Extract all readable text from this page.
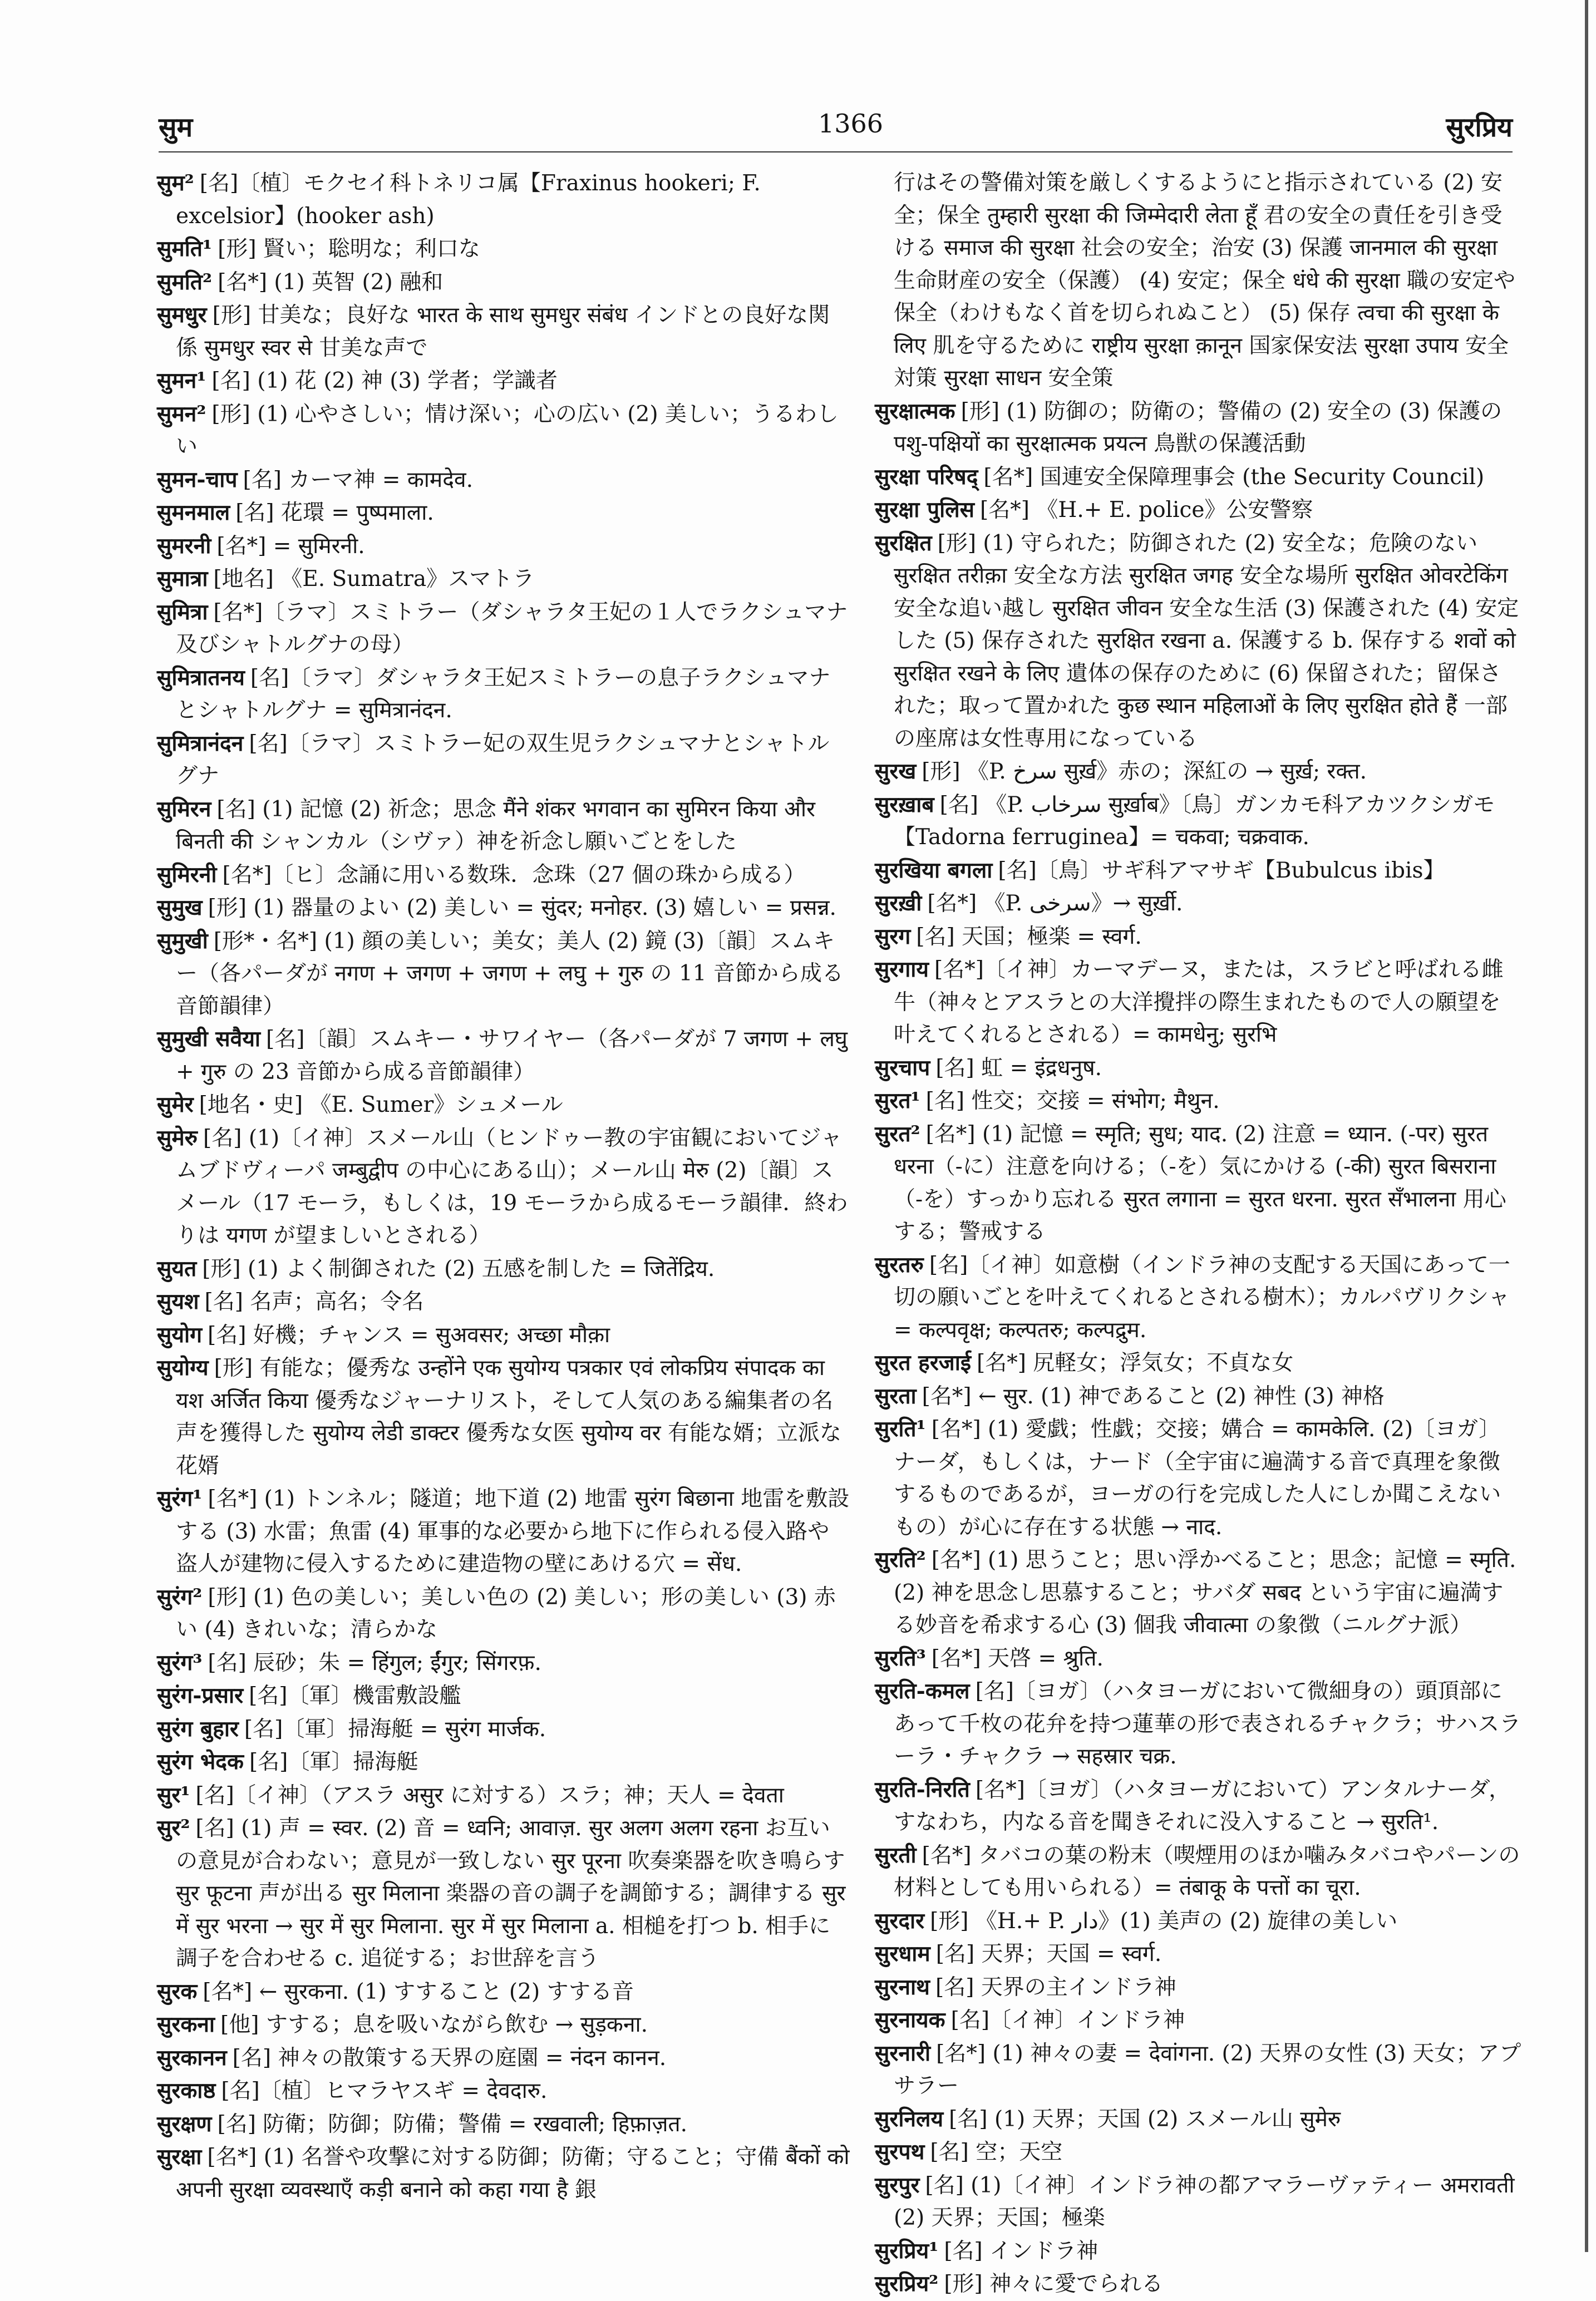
सुम	1366	सुरप्रिय

सुम² [名]〔植〕モクセイ科トネリコ属【Fraxinus hookeri; F. excelsior】(hooker ash)

सुमति¹ [形] 賢い；聡明な；利口な

सुमति² [名*] (1) 英智 (2) 融和

सुमधुर [形] 甘美な；良好な भारत के साथ सुमधुर संबंध インドとの良好な関係 सुमधुर स्वर से 甘美な声で

सुमन¹ [名] (1) 花 (2) 神 (3) 学者；学識者

सुमन² [形] (1) 心やさしい；情け深い；心の広い (2) 美しい；うるわしい

सुमन-चाप [名] カーマ神 = कामदेव.

सुमनमाल [名] 花環 = पुष्पमाला.

सुमरनी [名*] = सुमिरनी.

सुमात्रा [地名] 《E. Sumatra》スマトラ

सुमित्रा [名*]〔ラマ〕スミトラー（ダシャラタ王妃の１人でラクシュマナ及びシャトルグナの母）

सुमित्रातनय [名]〔ラマ〕ダシャラタ王妃スミトラーの息子ラクシュマナとシャトルグナ = सुमित्रानंदन.

सुमित्रानंदन [名]〔ラマ〕スミトラー妃の双生児ラクシュマナとシャトルグナ

सुमिरन [名] (1) 記憶 (2) 祈念；思念 मैंने शंकर भगवान का सुमिरन किया और बिनती की シャンカル（シヴァ）神を祈念し願いごとをした

सुमिरनी [名*]〔ヒ〕念誦に用いる数珠．念珠（27 個の珠から成る）

सुमुख [形] (1) 器量のよい (2) 美しい = सुंदर; मनोहर. (3) 嬉しい = प्रसन्न.

सुमुखी [形*・名*] (1) 顔の美しい；美女；美人 (2) 鏡 (3)〔韻〕スムキー（各パーダが नगण + जगण + जगण + लघु + गुरु の 11 音節から成る音節韻律）

सुमुखी सवैया [名]〔韻〕スムキー・サワイヤー（各パーダが 7 जगण + लघु + गुरु の 23 音節から成る音節韻律）

सुमेर [地名・史] 《E. Sumer》シュメール

सुमेरु [名] (1)〔イ神〕スメール山（ヒンドゥー教の宇宙観においてジャムブドヴィーパ जम्बुद्वीप の中心にある山）；メール山 मेरु (2)〔韻〕スメール（17 モーラ，もしくは，19 モーラから成るモーラ韻律．終わりは यगण が望ましいとされる）

सुयत [形] (1) よく制御された (2) 五感を制した = जितेंद्रिय.

सुयश [名] 名声；高名；令名

सुयोग [名] 好機；チャンス = सुअवसर; अच्छा मौक़ा

सुयोग्य [形] 有能な；優秀な उन्होंने एक सुयोग्य पत्रकार एवं लोकप्रिय संपादक का यश अर्जित किया 優秀なジャーナリスト，そして人気のある編集者の名声を獲得した सुयोग्य लेडी डाक्टर 優秀な女医 सुयोग्य वर 有能な婿；立派な花婿

सुरंग¹ [名*] (1) トンネル；隧道；地下道 (2) 地雷 सुरंग बिछाना 地雷を敷設する (3) 水雷；魚雷 (4) 軍事的な必要から地下に作られる侵入路や盗人が建物に侵入するために建造物の壁にあける穴 = सेंध.

सुरंग² [形] (1) 色の美しい；美しい色の (2) 美しい；形の美しい (3) 赤い (4) きれいな；清らかな

सुरंग³ [名] 辰砂；朱 = हिंगुल; ईंगुर; सिंगरफ़.

सुरंग-प्रसार [名]〔軍〕機雷敷設艦

सुरंग बुहार [名]〔軍〕掃海艇 = सुरंग मार्जक.

सुरंग भेदक [名]〔軍〕掃海艇

सुर¹ [名]〔イ神〕（アスラ असुर に対する）スラ；神；天人 = देवता

सुर² [名] (1) 声 = स्वर. (2) 音 = ध्वनि; आवाज़. सुर अलग अलग रहना お互いの意見が合わない；意見が一致しない सुर पूरना 吹奏楽器を吹き鳴らす सुर फूटना 声が出る सुर मिलाना 楽器の音の調子を調節する；調律する सुर में सुर भरना → सुर में सुर मिलाना. सुर में सुर मिलाना a. 相槌を打つ b. 相手に調子を合わせる c. 追従する；お世辞を言う

सुरक [名*] ← सुरकना. (1) すすること (2) すする音

सुरकना [他] すする；息を吸いながら飲む → सुड़कना.

सुरकानन [名] 神々の散策する天界の庭園 = नंदन कानन.

सुरकाष्ठ [名]〔植〕ヒマラヤスギ = देवदारु.

सुरक्षण [名] 防衛；防御；防備；警備 = रखवाली; हिफ़ाज़त.

सुरक्षा [名*] (1) 名誉や攻撃に対する防御；防衛；守ること；守備 बैंकों को अपनी सुरक्षा व्यवस्थाएँ कड़ी बनाने को कहा गया है 銀

行はその警備対策を厳しくするようにと指示されている (2) 安全；保全 तुम्हारी सुरक्षा की जिम्मेदारी लेता हूँ 君の安全の責任を引き受ける समाज की सुरक्षा 社会の安全；治安 (3) 保護 जानमाल की सुरक्षा 生命財産の安全（保護） (4) 安定；保全 धंधे की सुरक्षा 職の安定や保全（わけもなく首を切られぬこと） (5) 保存 त्वचा की सुरक्षा के लिए 肌を守るために राष्ट्रीय सुरक्षा क़ानून 国家保安法 सुरक्षा उपाय 安全対策 सुरक्षा साधन 安全策

सुरक्षात्मक [形] (1) 防御の；防衛の；警備の (2) 安全の (3) 保護の पशु-पक्षियों का सुरक्षात्मक प्रयत्न 鳥獣の保護活動

सुरक्षा परिषद् [名*] 国連安全保障理事会 (the Security Council)

सुरक्षा पुलिस [名*] 《H.+ E. police》公安警察

सुरक्षित [形] (1) 守られた；防御された (2) 安全な；危険のない सुरक्षित तरीक़ा 安全な方法 सुरक्षित जगह 安全な場所 सुरक्षित ओवरटेकिंग 安全な追い越し सुरक्षित जीवन 安全な生活 (3) 保護された (4) 安定した (5) 保存された सुरक्षित रखना a. 保護する b. 保存する शवों को सुरक्षित रखने के लिए 遺体の保存のために (6) 保留された；留保された；取って置かれた कुछ स्थान महिलाओं के लिए सुरक्षित होते हैं 一部の座席は女性専用になっている

सुरख [形] 《P. سرخ सुर्ख़》赤の；深紅の → सुर्ख़; रक्त.

सुरख़ाब [名] 《P. سرخاب सुर्ख़ाब》〔鳥〕ガンカモ科アカツクシガモ【Tadorna ferruginea】= चकवा; चक्रवाक.

सुरखिया बगला [名]〔鳥〕サギ科アマサギ【Bubulcus ibis】

सुरख़ी [名*] 《P. سرخی》→ सुर्ख़ी.

सुरग [名] 天国；極楽 = स्वर्ग.

सुरगाय [名*]〔イ神〕カーマデーヌ，または，スラビと呼ばれる雌牛（神々とアスラとの大洋攪拌の際生まれたもので人の願望を叶えてくれるとされる）= कामधेनु; सुरभि

सुरचाप [名] 虹 = इंद्रधनुष.

सुरत¹ [名] 性交；交接 = संभोग; मैथुन.

सुरत² [名*] (1) 記憶 = स्मृति; सुध; याद. (2) 注意 = ध्यान. (-पर) सुरत धरना（-に）注意を向ける；（-を）気にかける (-की) सुरत बिसराना（-を）すっかり忘れる सुरत लगाना = सुरत धरना. सुरत सँभालना 用心する；警戒する

सुरतरु [名]〔イ神〕如意樹（インドラ神の支配する天国にあって一切の願いごとを叶えてくれるとされる樹木）；カルパヴリクシャ = कल्पवृक्ष; कल्पतरु; कल्पद्रुम.

सुरत हरजाई [名*] 尻軽女；浮気女；不貞な女

सुरता [名*] ← सुर. (1) 神であること (2) 神性 (3) 神格

सुरति¹ [名*] (1) 愛戯；性戯；交接；媾合 = कामकेलि. (2)〔ヨガ〕ナーダ，もしくは，ナード（全宇宙に遍満する音で真理を象徴するものであるが，ヨーガの行を完成した人にしか聞こえないもの）が心に存在する状態 → नाद.

सुरति² [名*] (1) 思うこと；思い浮かべること；思念；記憶 = स्मृति. (2) 神を思念し思慕すること；サバダ सबद という宇宙に遍満する妙音を希求する心 (3) 個我 जीवात्मा の象徴（ニルグナ派）

सुरति³ [名*] 天啓 = श्रुति.

सुरति-कमल [名]〔ヨガ〕（ハタヨーガにおいて微細身の）頭頂部にあって千枚の花弁を持つ蓮華の形で表されるチャクラ；サハスラーラ・チャクラ → सहस्रार चक्र.

सुरति-निरति [名*]〔ヨガ〕（ハタヨーガにおいて）アンタルナーダ，すなわち，内なる音を聞きそれに没入すること → सुरति¹.

सुरती [名*] タバコの葉の粉末（喫煙用のほか噛みタバコやパーンの材料としても用いられる）= तंबाकू के पत्तों का चूरा.

सुरदार [形] 《H.+ P. دار》(1) 美声の (2) 旋律の美しい

सुरधाम [名] 天界；天国 = स्वर्ग.

सुरनाथ [名] 天界の主インドラ神

सुरनायक [名]〔イ神〕インドラ神

सुरनारी [名*] (1) 神々の妻 = देवांगना. (2) 天界の女性 (3) 天女；アプサラー

सुरनिलय [名] (1) 天界；天国 (2) スメール山 सुमेरु

सुरपथ [名] 空；天空

सुरपुर [名] (1)〔イ神〕インドラ神の都アマラーヴァティー अमरावती (2) 天界；天国；極楽

सुरप्रिय¹ [名] インドラ神

सुरप्रिय² [形] 神々に愛でられる
